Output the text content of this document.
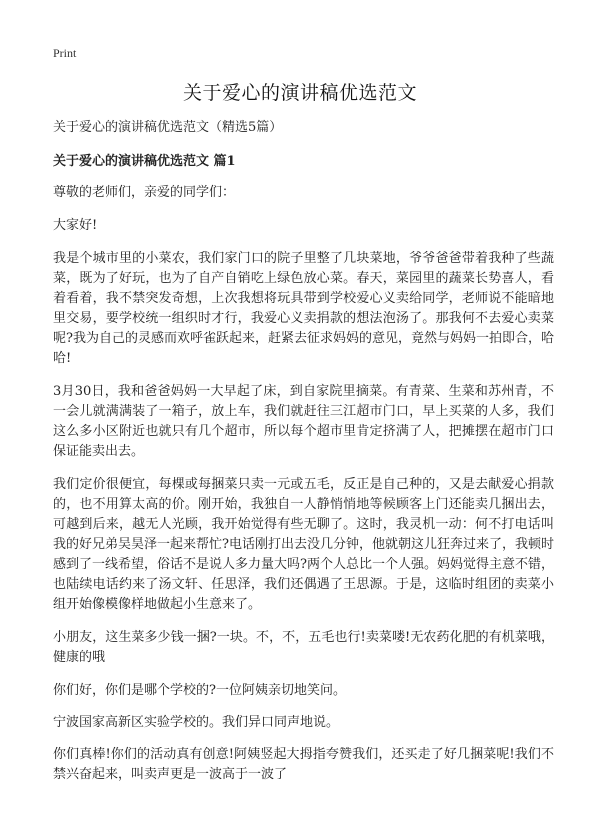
Print
关于爱心的演讲稿优选范文

关于爱心的演讲稿优选范文（精选5篇）

关于爱心的演讲稿优选范文 篇1

尊敬的老师们，亲爱的同学们：

大家好!

我是个城市里的小菜农，我们家门口的院子里整了几块菜地，爷爷爸爸带着我种了些蔬菜，既为了好玩，也为了自产自销吃上绿色放心菜。春天，菜园里的蔬菜长势喜人，看着看着，我不禁突发奇想，上次我想将玩具带到学校爱心义卖给同学，老师说不能暗地里交易，要学校统一组织时才行，我爱心义卖捐款的想法泡汤了。那我何不去爱心卖菜呢?我为自己的灵感而欢呼雀跃起来，赶紧去征求妈妈的意见，竟然与妈妈一拍即合，哈哈!

3月30日，我和爸爸妈妈一大早起了床，到自家院里摘菜。有青菜、生菜和苏州青，不一会儿就满满装了一箱子，放上车，我们就赶往三江超市门口，早上买菜的人多，我们这么多小区附近也就只有几个超市，所以每个超市里肯定挤满了人，把摊摆在超市门口保证能卖出去。

我们定价很便宜，每棵或每捆菜只卖一元或五毛，反正是自己种的，又是去献爱心捐款的，也不用算太高的价。刚开始，我独自一人静悄悄地等候顾客上门还能卖几捆出去，可越到后来，越无人光顾，我开始觉得有些无聊了。这时，我灵机一动：何不打电话叫我的好兄弟吴昊泽一起来帮忙?电话刚打出去没几分钟，他就朝这儿狂奔过来了，我顿时感到了一线希望，俗话不是说人多力量大吗?两个人总比一个人强。妈妈觉得主意不错，也陆续电话约来了汤文轩、任思泽，我们还偶遇了王思源。于是，这临时组团的卖菜小组开始像模像样地做起小生意来了。

小朋友，这生菜多少钱一捆?一块。不，不，五毛也行!卖菜喽!无农药化肥的有机菜哦，健康的哦

你们好，你们是哪个学校的?一位阿姨亲切地笑问。

宁波国家高新区实验学校的。我们异口同声地说。

你们真棒!你们的活动真有创意!阿姨竖起大拇指夸赞我们，还买走了好几捆菜呢!我们不禁兴奋起来，叫卖声更是一波高于一波了
